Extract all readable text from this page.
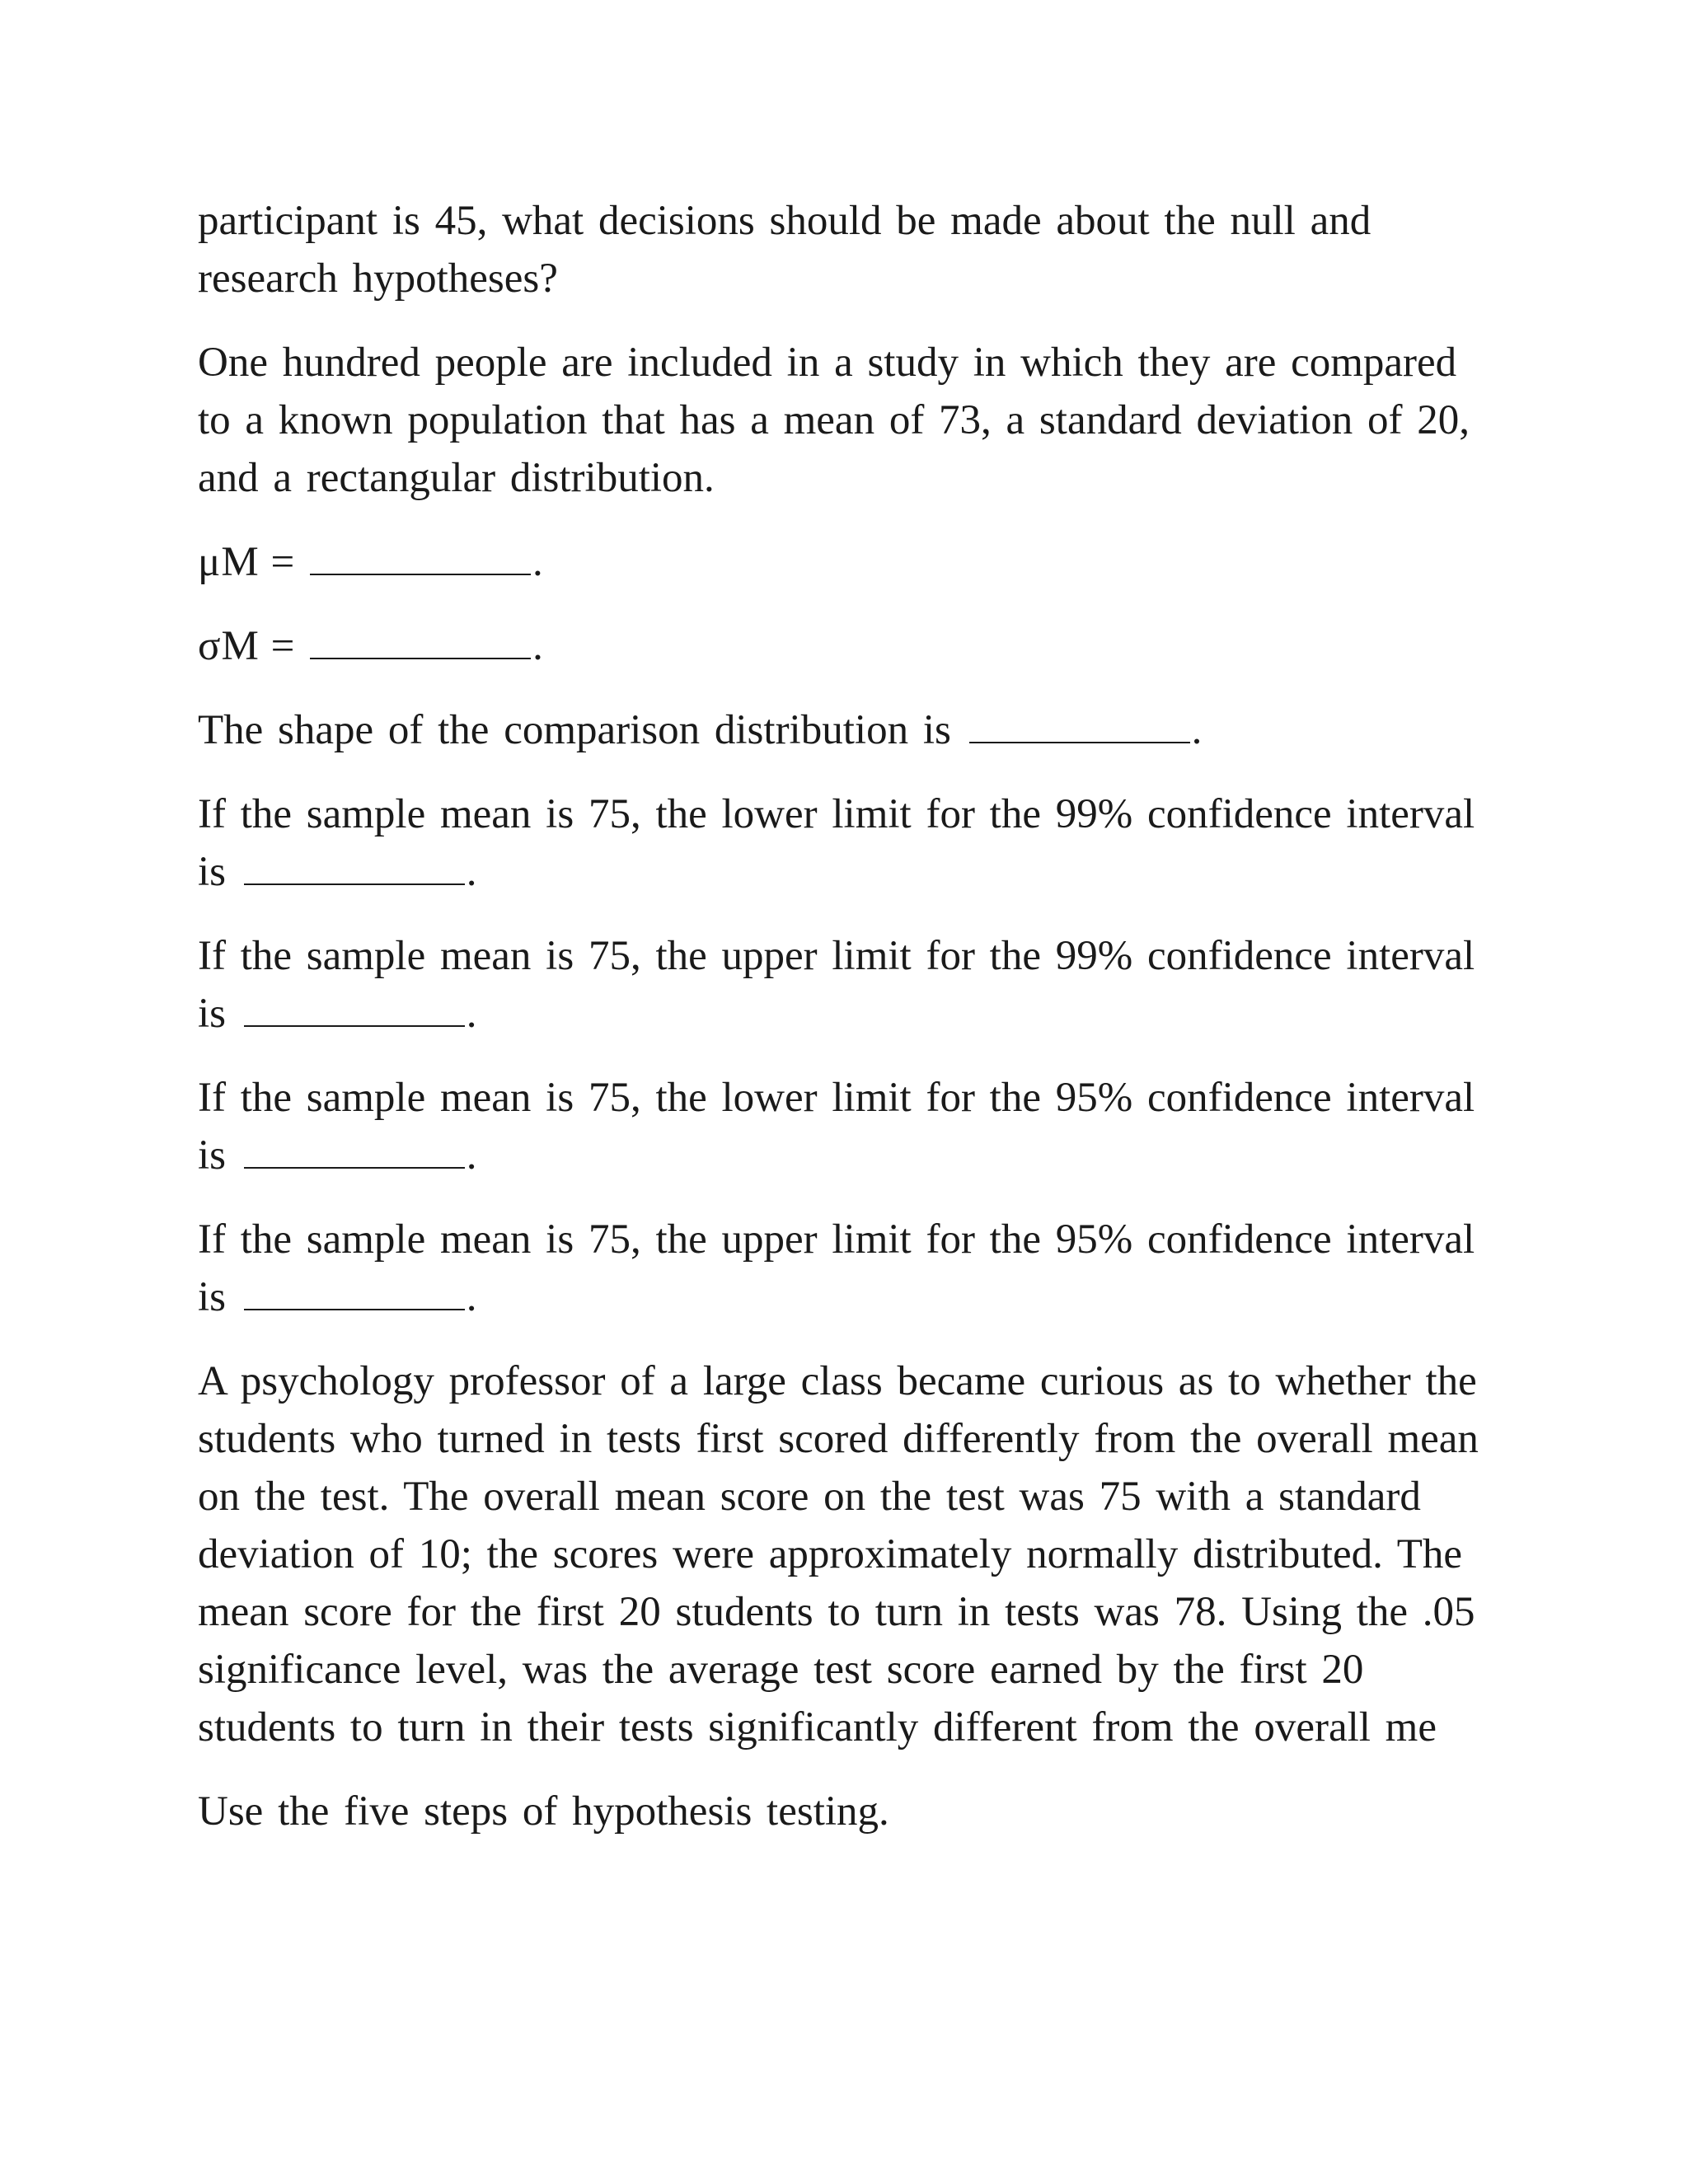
participant is 45, what decisions should be made about the null and research hypotheses?

One hundred people are included in a study in which they are compared to a known population that has a mean of 73, a standard deviation of 20, and a rectangular distribution.

μM =	.

σM =	.

The shape of the comparison distribution is	.

If the sample mean is 75, the lower limit for the 99% confidence interval is	.

If the sample mean is 75, the upper limit for the 99% confidence interval is	.

If the sample mean is 75, the lower limit for the 95% confidence interval is	.

If the sample mean is 75, the upper limit for the 95% confidence interval is	.

A psychology professor of a large class became curious as to whether the students who turned in tests first scored differently from the overall mean on the test. The overall mean score on the test was 75 with a standard deviation of 10; the scores were approximately normally distributed. The mean score for the first 20 students to turn in tests was 78. Using the .05 significance level, was the average test score earned by the first 20 students to turn in their tests significantly different from the overall me

Use the five steps of hypothesis testing.
